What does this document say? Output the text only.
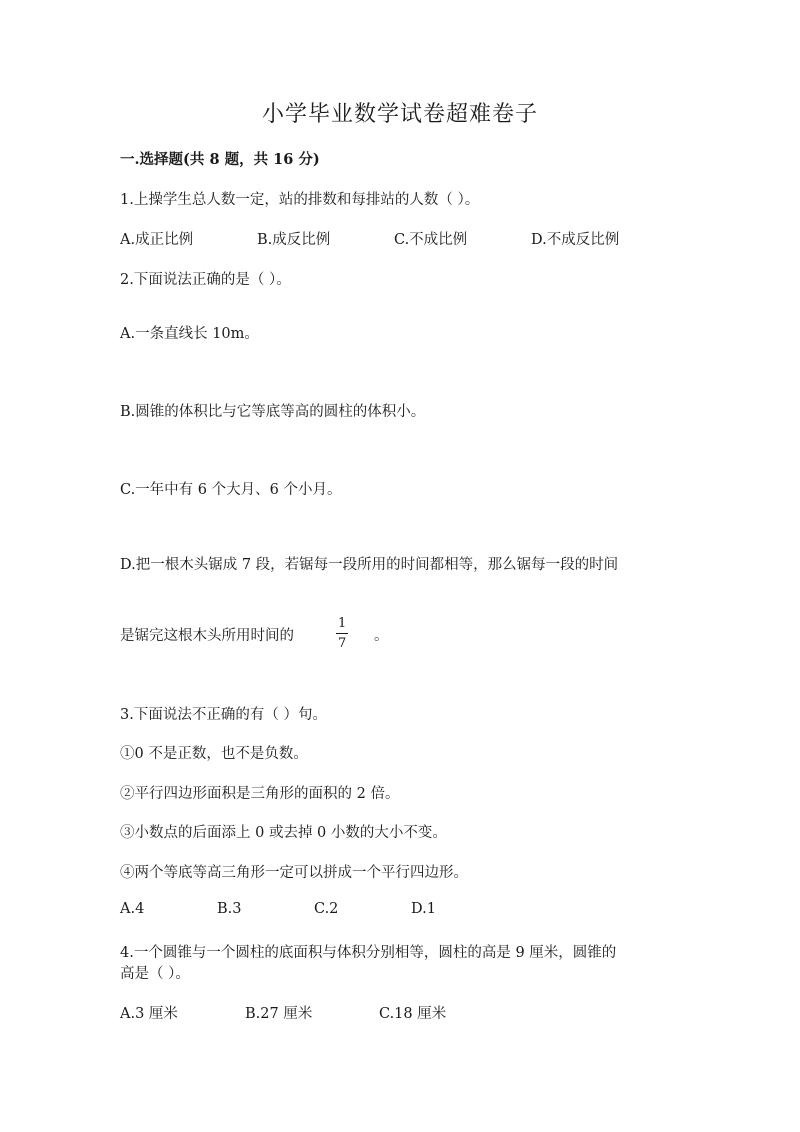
小学毕业数学试卷超难卷子
一.选择题(共 8 题，共 16 分)
1.上操学生总人数一定，站的排数和每排站的人数（ ）。
A.成正比例	B.成反比例	C.不成比例	D.不成反比例
2.下面说法正确的是（ ）。
A.一条直线长 10m。
B.圆锥的体积比与它等底等高的圆柱的体积小。
C.一年中有 6 个大月、6 个小月。
D.把一根木头锯成 7 段，若锯每一段所用的时间都相等，那么锯每一段的时间
是锯完这根木头所用时间的
1
7 。
3.下面说法不正确的有（ ）句。
①0 不是正数，也不是负数。
②平行四边形面积是三角形的面积的 2 倍。
③小数点的后面添上 0 或去掉 0 小数的大小不变。
④两个等底等高三角形一定可以拼成一个平行四边形。
A.4	B.3	C.2	D.1
4.一个圆锥与一个圆柱的底面积与体积分别相等，圆柱的高是 9 厘米，圆锥的
高是（ ）。
A.3 厘米	B.27 厘米	C.18 厘米
